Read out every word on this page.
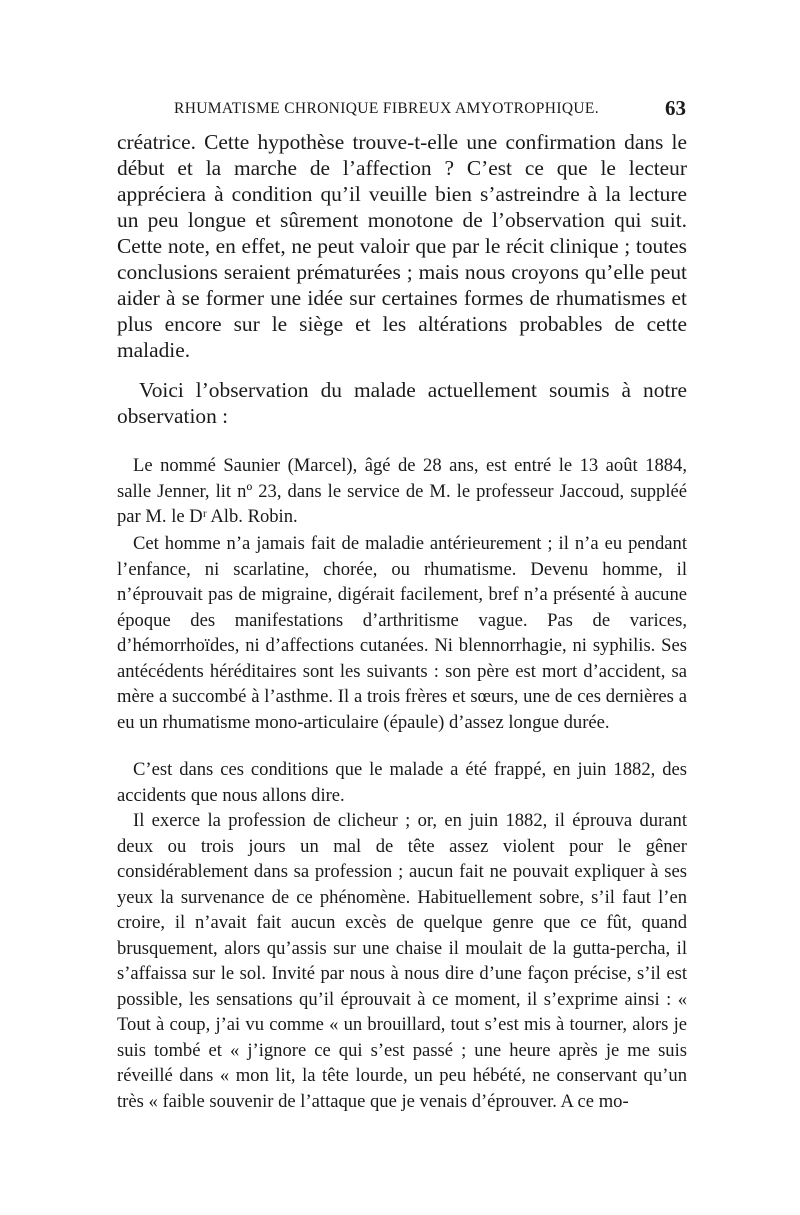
RHUMATISME CHRONIQUE FIBREUX AMYOTROPHIQUE.	63

créatrice. Cette hypothèse trouve-t-elle une confirmation dans le début et la marche de l’affection ? C’est ce que le lecteur appréciera à condition qu’il veuille bien s’astreindre à la lecture un peu longue et sûrement monotone de l’observation qui suit. Cette note, en effet, ne peut valoir que par le récit clinique ; toutes conclusions seraient prématurées ; mais nous croyons qu’elle peut aider à se former une idée sur certaines formes de rhumatismes et plus encore sur le siège et les altérations probables de cette maladie.

Voici l’observation du malade actuellement soumis à notre observation :

Le nommé Saunier (Marcel), âgé de 28 ans, est entré le 13 août 1884, salle Jenner, lit nº 23, dans le service de M. le professeur Jaccoud, suppléé par M. le Dʳ Alb. Robin.

Cet homme n’a jamais fait de maladie antérieurement ; il n’a eu pendant l’enfance, ni scarlatine, chorée, ou rhumatisme. Devenu homme, il n’éprouvait pas de migraine, digérait facilement, bref n’a présenté à aucune époque des manifestations d’arthritisme vague. Pas de varices, d’hémorrhoïdes, ni d’affections cutanées. Ni blennorrhagie, ni syphilis. Ses antécédents héréditaires sont les suivants : son père est mort d’accident, sa mère a succombé à l’asthme. Il a trois frères et sœurs, une de ces dernières a eu un rhumatisme mono-articulaire (épaule) d’assez longue durée.

C’est dans ces conditions que le malade a été frappé, en juin 1882, des accidents que nous allons dire.

Il exerce la profession de clicheur ; or, en juin 1882, il éprouva durant deux ou trois jours un mal de tête assez violent pour le gêner considérablement dans sa profession ; aucun fait ne pouvait expliquer à ses yeux la survenance de ce phénomène. Habituellement sobre, s’il faut l’en croire, il n’avait fait aucun excès de quelque genre que ce fût, quand brusquement, alors qu’assis sur une chaise il moulait de la gutta-percha, il s’affaissa sur le sol. Invité par nous à nous dire d’une façon précise, s’il est possible, les sensations qu’il éprouvait à ce moment, il s’exprime ainsi : « Tout à coup, j’ai vu comme « un brouillard, tout s’est mis à tourner, alors je suis tombé et « j’ignore ce qui s’est passé ; une heure après je me suis réveillé dans « mon lit, la tête lourde, un peu hébété, ne conservant qu’un très « faible souvenir de l’attaque que je venais d’éprouver. A ce mo-
